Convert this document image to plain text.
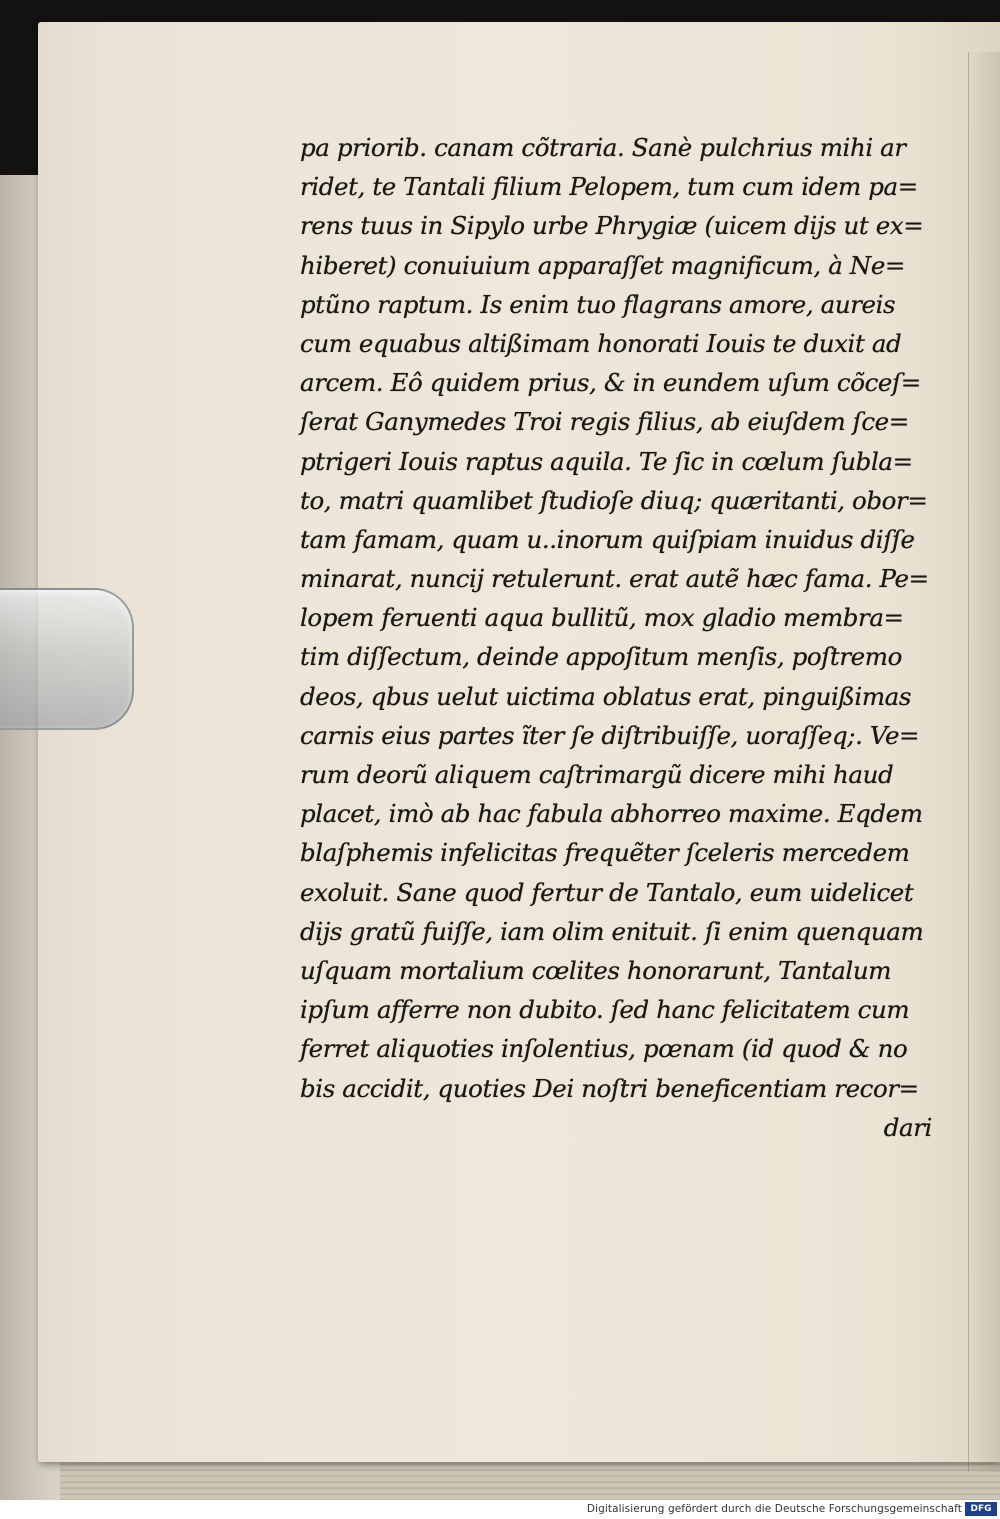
pa priorib. canam cõtraria. Sanè pulchrius mihi ar
ridet, te Tantali filium Pelopem, tum cum idem pa=
rens tuus in Sipylo urbe Phrygiæ (uicem dijs ut ex=
hiberet) conuiuium apparaſſet magnificum, à Ne=
ptũno raptum. Is enim tuo flagrans amore, aureis
cum equabus altißimam honorati Iouis te duxit ad
arcem. Eô quidem prius, & in eundem uſum cõceſ=
ſerat Ganymedes Troi regis filius, ab eiuſdem ſce=
ptrigeri Iouis raptus aquila. Te ſic in cœlum ſubla=
to, matri quamlibet ſtudioſe diuq; quæritanti, obor=
tam famam, quam u..inorum quiſpiam inuidus diſſe
minarat, nuncij retulerunt. erat autẽ hæc fama. Pe=
lopem feruenti aqua bullitũ, mox gladio membra=
tim diſſectum, deinde appoſitum menſis, poſtremo
deos, qbus uelut uictima oblatus erat, pinguißimas
carnis eius partes ĩter ſe diſtribuiſſe, uoraſſeq;. Ve=
rum deorũ aliquem caſtrimargũ dicere mihi haud
placet, imò ab hac fabula abhorreo maxime. Eqdem
blaſphemis infelicitas frequẽter ſceleris mercedem
exoluit. Sane quod fertur de Tantalo, eum uidelicet
dijs gratũ fuiſſe, iam olim enituit. ſi enim quenquam
uſquam mortalium cœlites honorarunt, Tantalum
ipſum afferre non dubito. ſed hanc felicitatem cum
ferret aliquoties inſolentius, pœnam (id quod & no
bis accidit, quoties Dei noſtri beneficentiam recor=
dari
Digitalisierung gefördert durch die Deutsche Forschungsgemeinschaft DFG
